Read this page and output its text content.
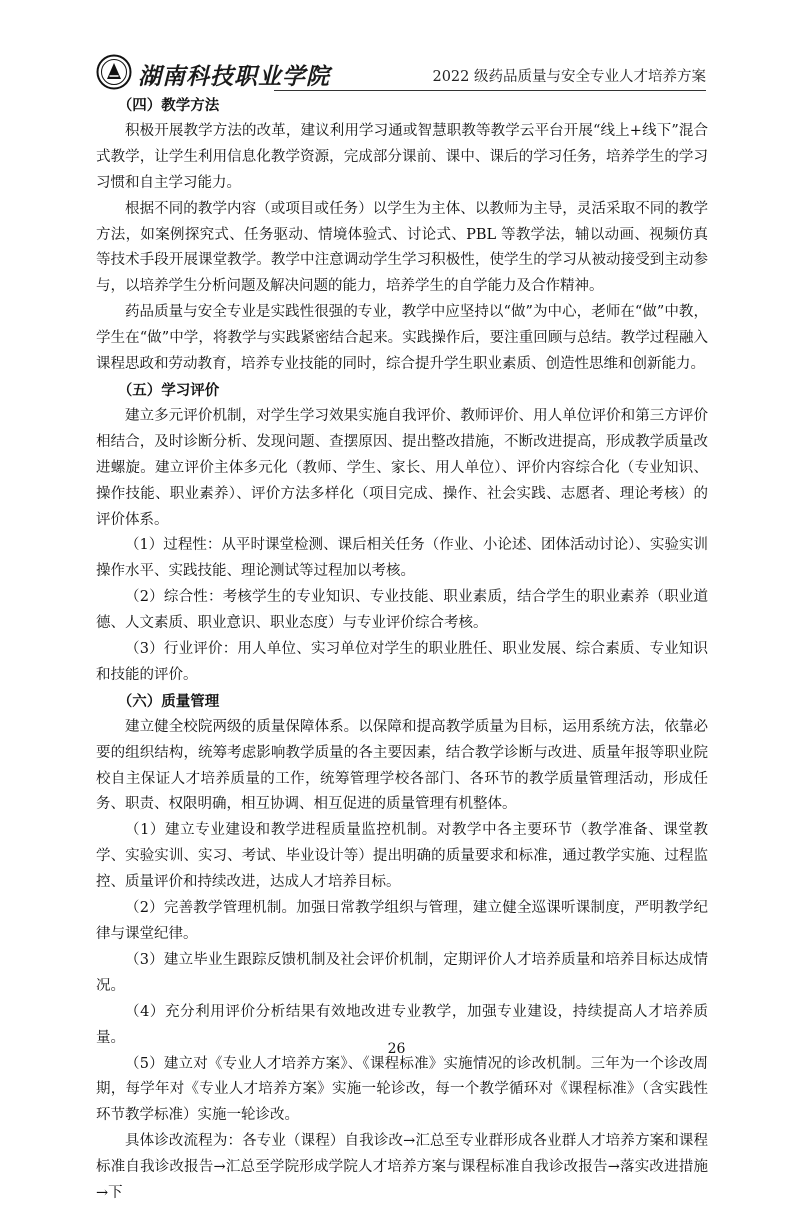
湖南科技职业学院	2022 级药品质量与安全专业人才培养方案

（四）教学方法

积极开展教学方法的改革，建议利用学习通或智慧职教等教学云平台开展“线上+线下”混合式教学，让学生利用信息化教学资源，完成部分课前、课中、课后的学习任务，培养学生的学习习惯和自主学习能力。

根据不同的教学内容（或项目或任务）以学生为主体、以教师为主导，灵活采取不同的教学方法，如案例探究式、任务驱动、情境体验式、讨论式、PBL 等教学法，辅以动画、视频仿真等技术手段开展课堂教学。教学中注意调动学生学习积极性，使学生的学习从被动接受到主动参与，以培养学生分析问题及解决问题的能力，培养学生的自学能力及合作精神。

药品质量与安全专业是实践性很强的专业，教学中应坚持以“做”为中心，老师在“做”中教，学生在“做”中学，将教学与实践紧密结合起来。实践操作后，要注重回顾与总结。教学过程融入课程思政和劳动教育，培养专业技能的同时，综合提升学生职业素质、创造性思维和创新能力。

（五）学习评价

建立多元评价机制，对学生学习效果实施自我评价、教师评价、用人单位评价和第三方评价相结合，及时诊断分析、发现问题、查摆原因、提出整改措施，不断改进提高，形成教学质量改进螺旋。建立评价主体多元化（教师、学生、家长、用人单位）、评价内容综合化（专业知识、操作技能、职业素养）、评价方法多样化（项目完成、操作、社会实践、志愿者、理论考核）的评价体系。

（1）过程性：从平时课堂检测、课后相关任务（作业、小论述、团体活动讨论）、实验实训操作水平、实践技能、理论测试等过程加以考核。

（2）综合性：考核学生的专业知识、专业技能、职业素质，结合学生的职业素养（职业道德、人文素质、职业意识、职业态度）与专业评价综合考核。

（3）行业评价：用人单位、实习单位对学生的职业胜任、职业发展、综合素质、专业知识和技能的评价。

（六）质量管理

建立健全校院两级的质量保障体系。以保障和提高教学质量为目标，运用系统方法，依靠必要的组织结构，统筹考虑影响教学质量的各主要因素，结合教学诊断与改进、质量年报等职业院校自主保证人才培养质量的工作，统筹管理学校各部门、各环节的教学质量管理活动，形成任务、职责、权限明确，相互协调、相互促进的质量管理有机整体。

（1）建立专业建设和教学进程质量监控机制。对教学中各主要环节（教学准备、课堂教学、实验实训、实习、考试、毕业设计等）提出明确的质量要求和标准，通过教学实施、过程监控、质量评价和持续改进，达成人才培养目标。

（2）完善教学管理机制。加强日常教学组织与管理，建立健全巡课听课制度，严明教学纪律与课堂纪律。

（3）建立毕业生跟踪反馈机制及社会评价机制，定期评价人才培养质量和培养目标达成情况。

（4）充分利用评价分析结果有效地改进专业教学，加强专业建设，持续提高人才培养质量。

（5）建立对《专业人才培养方案》、《课程标准》实施情况的诊改机制。三年为一个诊改周期，每学年对《专业人才培养方案》实施一轮诊改，每一个教学循环对《课程标准》（含实践性环节教学标准）实施一轮诊改。

具体诊改流程为：各专业（课程）自我诊改→汇总至专业群形成各业群人才培养方案和课程标准自我诊改报告→汇总至学院形成学院人才培养方案与课程标准自我诊改报告→落实改进措施→下

26
